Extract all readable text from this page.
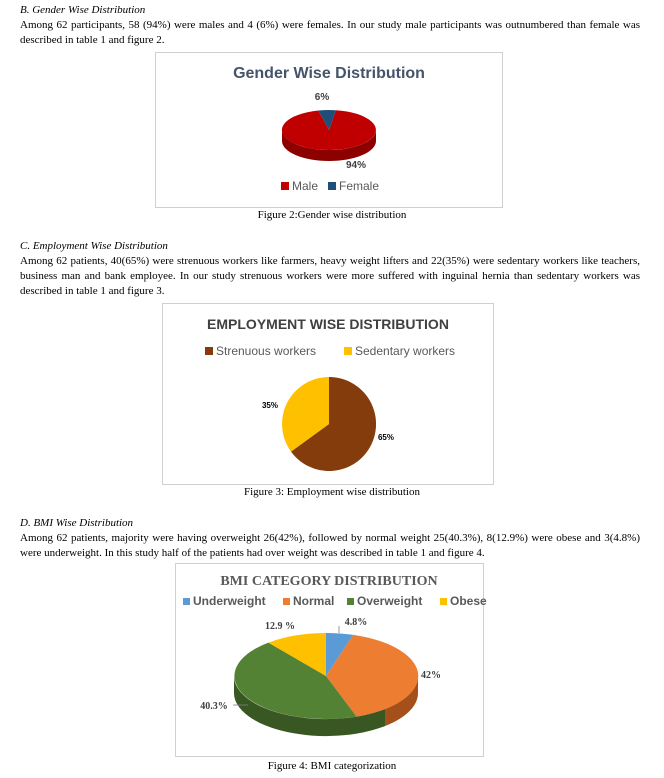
B. Gender Wise Distribution
Among 62 participants, 58 (94%) were males and 4 (6%) were females. In our study male participants was outnumbered than female was described in table 1 and figure 2.
Gender Wise Distribution
6%
94%
Male Female
Figure 2:Gender wise distribution
C. Employment Wise Distribution
Among 62 patients, 40(65%) were strenuous workers like farmers, heavy weight lifters and 22(35%) were sedentary workers like teachers, business man and bank employee. In our study strenuous workers were more suffered with inguinal hernia than sedentary workers was described in table 1 and figure 3.
EMPLOYMENT WISE DISTRIBUTION
Strenuous workers	Sedentary workers
35%
65%
Figure 3: Employment wise distribution
D. BMI Wise Distribution
Among 62 patients, majority were having overweight 26(42%), followed by normal weight 25(40.3%), 8(12.9%) were obese and 3(4.8%) were underweight. In this study half of the patients had over weight was described in table 1 and figure 4.
BMI CATEGORY DISTRIBUTION
Underweight Normal Overweight Obese
12.9 %	4.8%
42%
40.3%
Figure 4: BMI categorization
